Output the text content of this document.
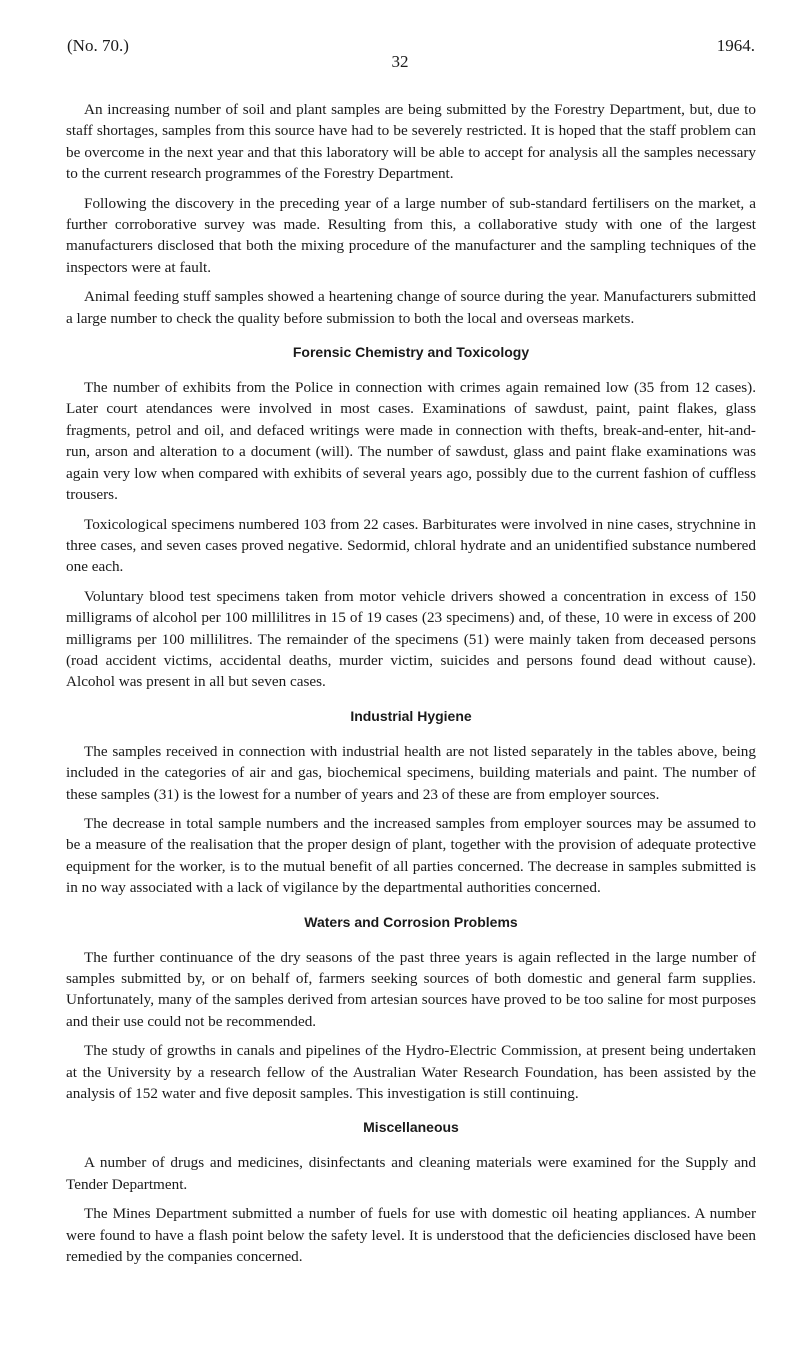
(No. 70.)
32
1964.

An increasing number of soil and plant samples are being submitted by the Forestry Department, but, due to staff shortages, samples from this source have had to be severely restricted. It is hoped that the staff problem can be overcome in the next year and that this laboratory will be able to accept for analysis all the samples necessary to the current research programmes of the Forestry Department.

Following the discovery in the preceding year of a large number of sub-standard fertilisers on the market, a further corroborative survey was made. Resulting from this, a collaborative study with one of the largest manufacturers disclosed that both the mixing procedure of the manufacturer and the sampling techniques of the inspectors were at fault.

Animal feeding stuff samples showed a heartening change of source during the year. Manufacturers submitted a large number to check the quality before submission to both the local and overseas markets.

Forensic Chemistry and Toxicology

The number of exhibits from the Police in connection with crimes again remained low (35 from 12 cases). Later court atendances were involved in most cases. Examinations of sawdust, paint, paint flakes, glass fragments, petrol and oil, and defaced writings were made in connection with thefts, break-and-enter, hit-and-run, arson and alteration to a document (will). The number of sawdust, glass and paint flake examinations was again very low when compared with exhibits of several years ago, possibly due to the current fashion of cuffless trousers.

Toxicological specimens numbered 103 from 22 cases. Barbiturates were involved in nine cases, strychnine in three cases, and seven cases proved negative. Sedormid, chloral hydrate and an unidentified substance numbered one each.

Voluntary blood test specimens taken from motor vehicle drivers showed a concentration in excess of 150 milligrams of alcohol per 100 millilitres in 15 of 19 cases (23 specimens) and, of these, 10 were in excess of 200 milligrams per 100 millilitres. The remainder of the specimens (51) were mainly taken from deceased persons (road accident victims, accidental deaths, murder victim, suicides and persons found dead without cause). Alcohol was present in all but seven cases.

Industrial Hygiene

The samples received in connection with industrial health are not listed separately in the tables above, being included in the categories of air and gas, biochemical specimens, building materials and paint. The number of these samples (31) is the lowest for a number of years and 23 of these are from employer sources.

The decrease in total sample numbers and the increased samples from employer sources may be assumed to be a measure of the realisation that the proper design of plant, together with the provision of adequate protective equipment for the worker, is to the mutual benefit of all parties concerned. The decrease in samples submitted is in no way associated with a lack of vigilance by the departmental authorities concerned.

Waters and Corrosion Problems

The further continuance of the dry seasons of the past three years is again reflected in the large number of samples submitted by, or on behalf of, farmers seeking sources of both domestic and general farm supplies. Unfortunately, many of the samples derived from artesian sources have proved to be too saline for most purposes and their use could not be recommended.

The study of growths in canals and pipelines of the Hydro-Electric Commission, at present being undertaken at the University by a research fellow of the Australian Water Research Foundation, has been assisted by the analysis of 152 water and five deposit samples. This investigation is still continuing.

Miscellaneous

A number of drugs and medicines, disinfectants and cleaning materials were examined for the Supply and Tender Department.

The Mines Department submitted a number of fuels for use with domestic oil heating appliances. A number were found to have a flash point below the safety level. It is understood that the deficiencies disclosed have been remedied by the companies concerned.
